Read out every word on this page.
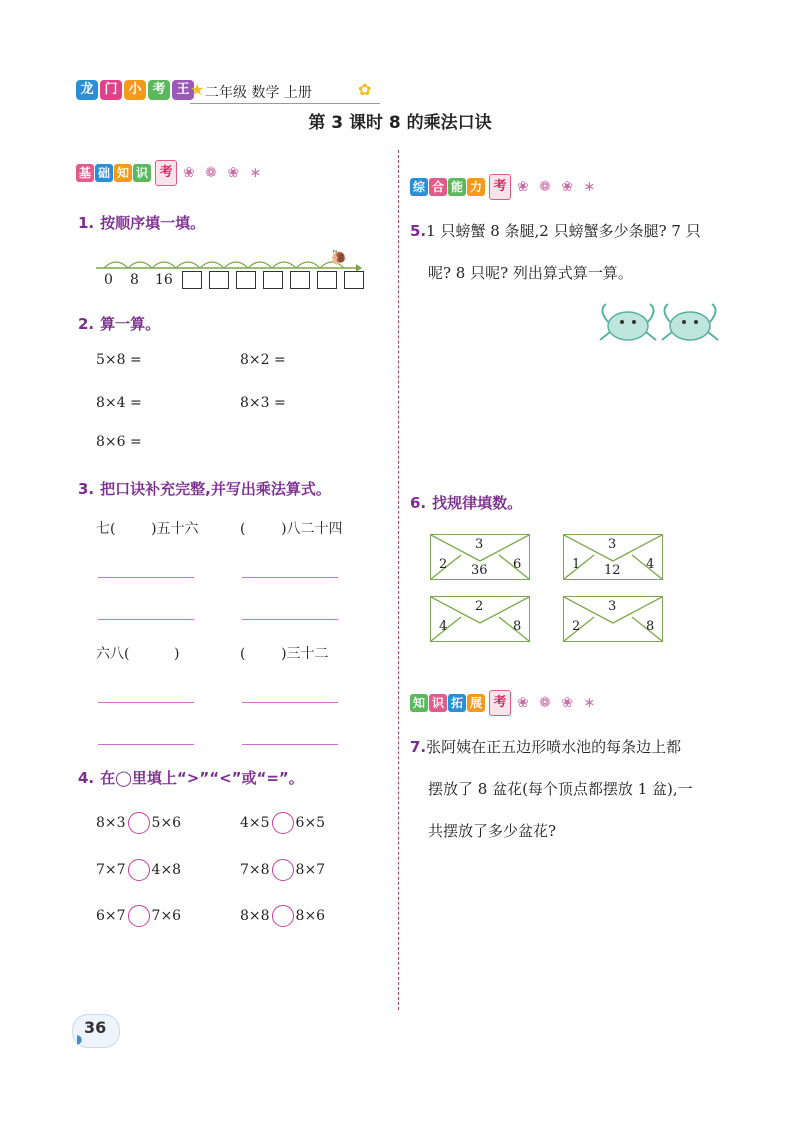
龙 门 小 考 王 ★ 二年级 数学 上册	✿
第 3 课时 8 的乘法口诀
基 础 知 识 考 ❀ ❁ ❀ ∗
1. 按顺序填一填。
🐌
0 8 16
2. 算一算。
5×8 =	8×2 =
8×4 =	8×3 =
8×6 =
3. 把口诀补充完整,并写出乘法算式。
七(        )五十六	(        )八二十四
六八(          )	(        )三十二
4. 在◯里填上“>”“<”或“=”。
8×3 5×6	4×5 6×5
7×7 4×8	7×8 8×7
6×7 7×6	8×8 8×6
综 合 能 力 考 ❀ ❁ ❀ ∗
5.1 只螃蟹 8 条腿,2 只螃蟹多少条腿? 7 只
呢? 8 只呢? 列出算式算一算。
6. 找规律填数。
3
2	6
36
3
1	4
12
2
4	8
3
2	8
知 识 拓 展 考 ❀ ❁ ❀ ∗
7.张阿姨在正五边形喷水池的每条边上都
摆放了 8 盆花(每个顶点都摆放 1 盆),一
共摆放了多少盆花?
◗
36
